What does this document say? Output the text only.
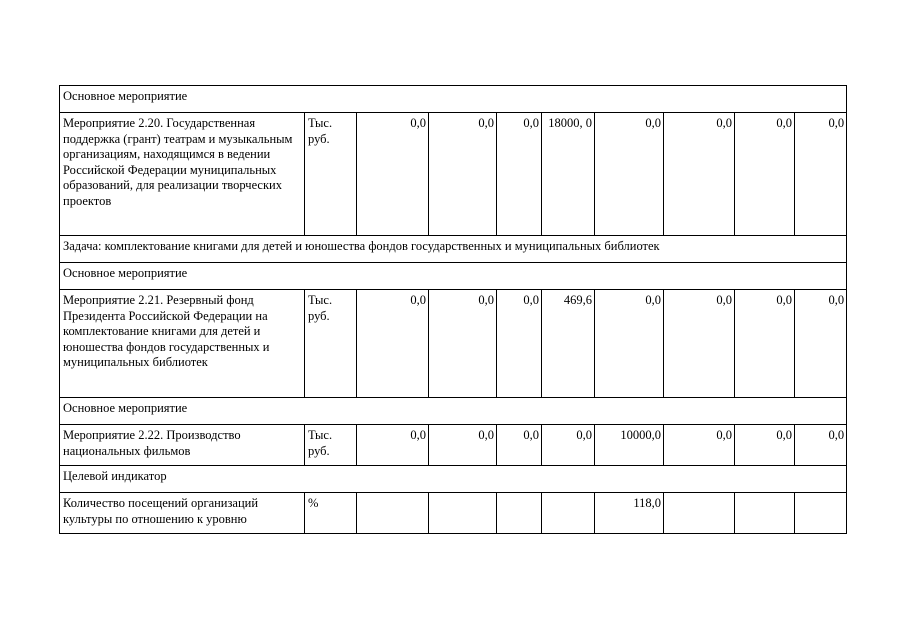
Основное мероприятие									
Мероприятие 2.20. Государственная поддержка (грант) театрам и музыкальным организациям, находящимся в ведении Российской Федерации муниципальных образований, для реализации творческих проектов	Тыс. руб.	0,0	0,0	0,0	18000, 0	0,0	0,0	0,0	0,0
Задача: комплектование книгами для детей и юношества фондов государственных и муниципальных библиотек									
Основное мероприятие									
Мероприятие 2.21. Резервный фонд Президента Российской Федерации на комплектование книгами для детей и юношества фондов государственных и муниципальных библиотек	Тыс. руб.	0,0	0,0	0,0	469,6	0,0	0,0	0,0	0,0
Основное мероприятие									
Мероприятие 2.22. Производство национальных фильмов	Тыс. руб.	0,0	0,0	0,0	0,0	10000,0	0,0	0,0	0,0
Целевой индикатор									
Количество посещений организаций культуры по отношению к уровню	%					118,0			
